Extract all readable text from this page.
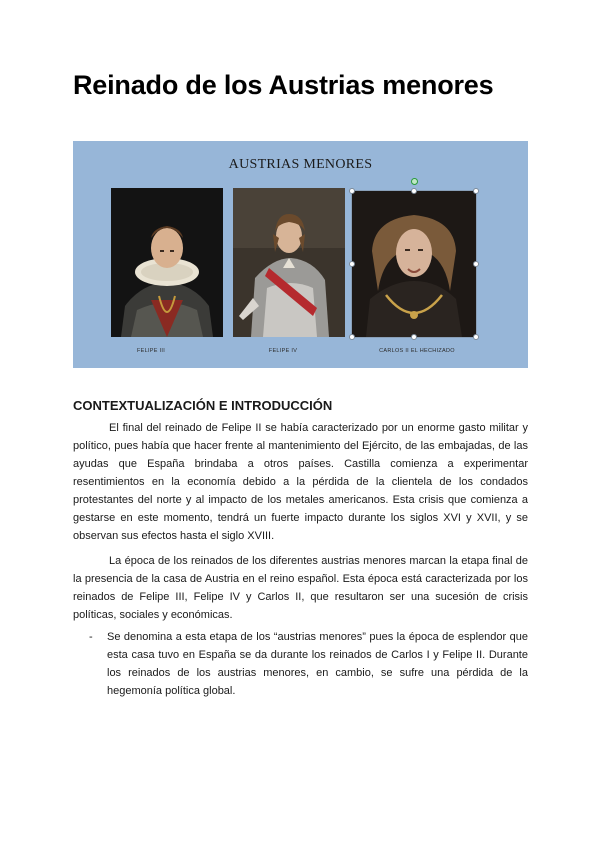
Reinado de los Austrias menores
AUSTRIAS MENORES
FELIPE III	FELIPE IV	CARLOS II EL HECHIZADO
CONTEXTUALIZACIÓN E INTRODUCCIÓN

El final del reinado de Felipe II se había caracterizado por un enorme gasto militar y político, pues había que hacer frente al mantenimiento del Ejército, de las embajadas, de las ayudas que España brindaba a otros países. Castilla comienza a experimentar resentimientos en la economía debido a la pérdida de la clientela de los condados protestantes del norte y al impacto de los metales americanos. Esta crisis que comienza a gestarse en este momento, tendrá un fuerte impacto durante los siglos XVI y XVII, y se observan sus efectos hasta el siglo XVIII.

La época de los reinados de los diferentes austrias menores marcan la etapa final de la presencia de la casa de Austria en el reino español. Esta época está caracterizada por los reinados de Felipe III, Felipe IV y Carlos II, que resultaron ser una sucesión de crisis políticas, sociales y económicas.

- Se denomina a esta etapa de los “austrias menores” pues la época de esplendor que esta casa tuvo en España se da durante los reinados de Carlos I y Felipe II. Durante los reinados de los austrias menores, en cambio, se sufre una pérdida de la hegemonía política global.
